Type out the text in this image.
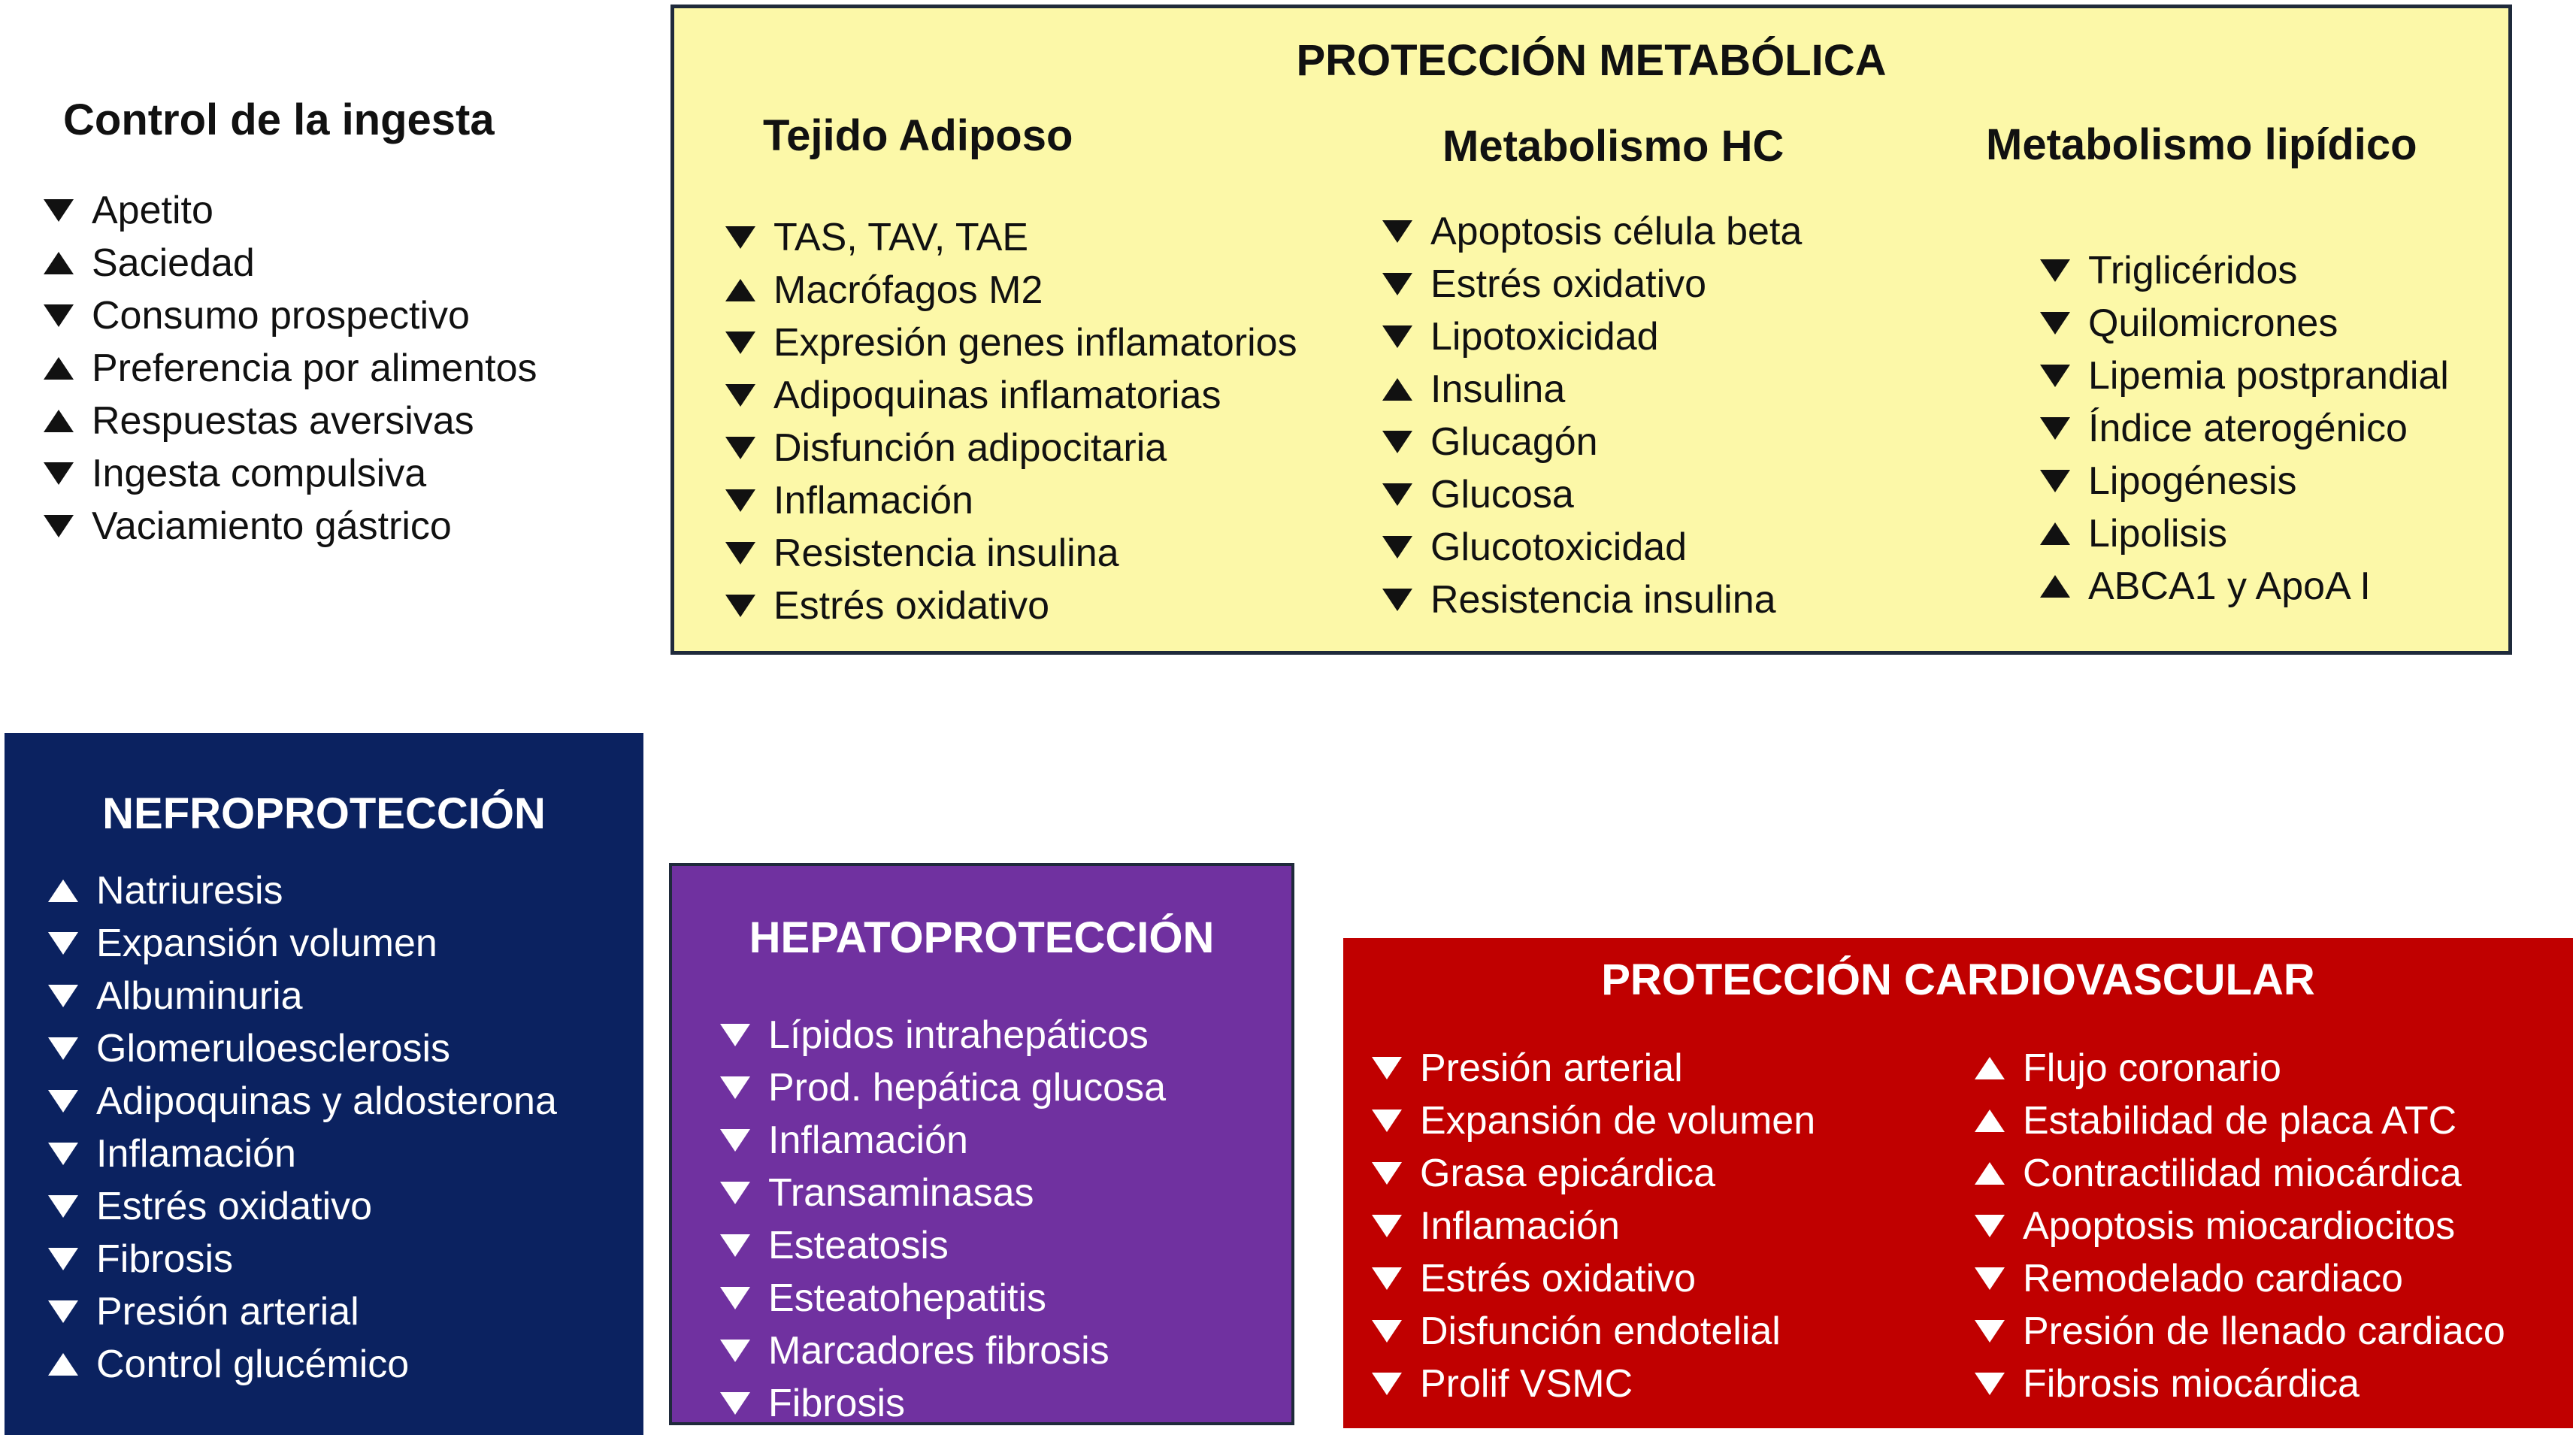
Control de la ingesta
Apetito
Saciedad
Consumo prospectivo
Preferencia por alimentos
Respuestas aversivas
Ingesta compulsiva
Vaciamiento gástrico
PROTECCIÓN METABÓLICA
Tejido Adiposo	Metabolismo HC	Metabolismo lipídico
TAS, TAV, TAE
Macrófagos M2
Expresión genes inflamatorios
Adipoquinas inflamatorias
Disfunción adipocitaria
Inflamación
Resistencia insulina
Estrés oxidativo
Apoptosis célula beta
Estrés oxidativo
Lipotoxicidad
Insulina
Glucagón
Glucosa
Glucotoxicidad
Resistencia insulina
Triglicéridos
Quilomicrones
Lipemia postprandial
Índice aterogénico
Lipogénesis
Lipolisis
ABCA1 y ApoA I
NEFROPROTECCIÓN
Natriuresis
Expansión volumen
Albuminuria
Glomeruloesclerosis
Adipoquinas y aldosterona
Inflamación
Estrés oxidativo
Fibrosis
Presión arterial
Control glucémico
HEPATOPROTECCIÓN
Lípidos intrahepáticos
Prod. hepática glucosa
Inflamación
Transaminasas
Esteatosis
Esteatohepatitis
Marcadores fibrosis
Fibrosis
PROTECCIÓN CARDIOVASCULAR
Presión arterial
Expansión de volumen
Grasa epicárdica
Inflamación
Estrés oxidativo
Disfunción endotelial
Prolif VSMC
Flujo coronario
Estabilidad de placa ATC
Contractilidad miocárdica
Apoptosis miocardiocitos
Remodelado cardiaco
Presión de llenado cardiaco
Fibrosis miocárdica
